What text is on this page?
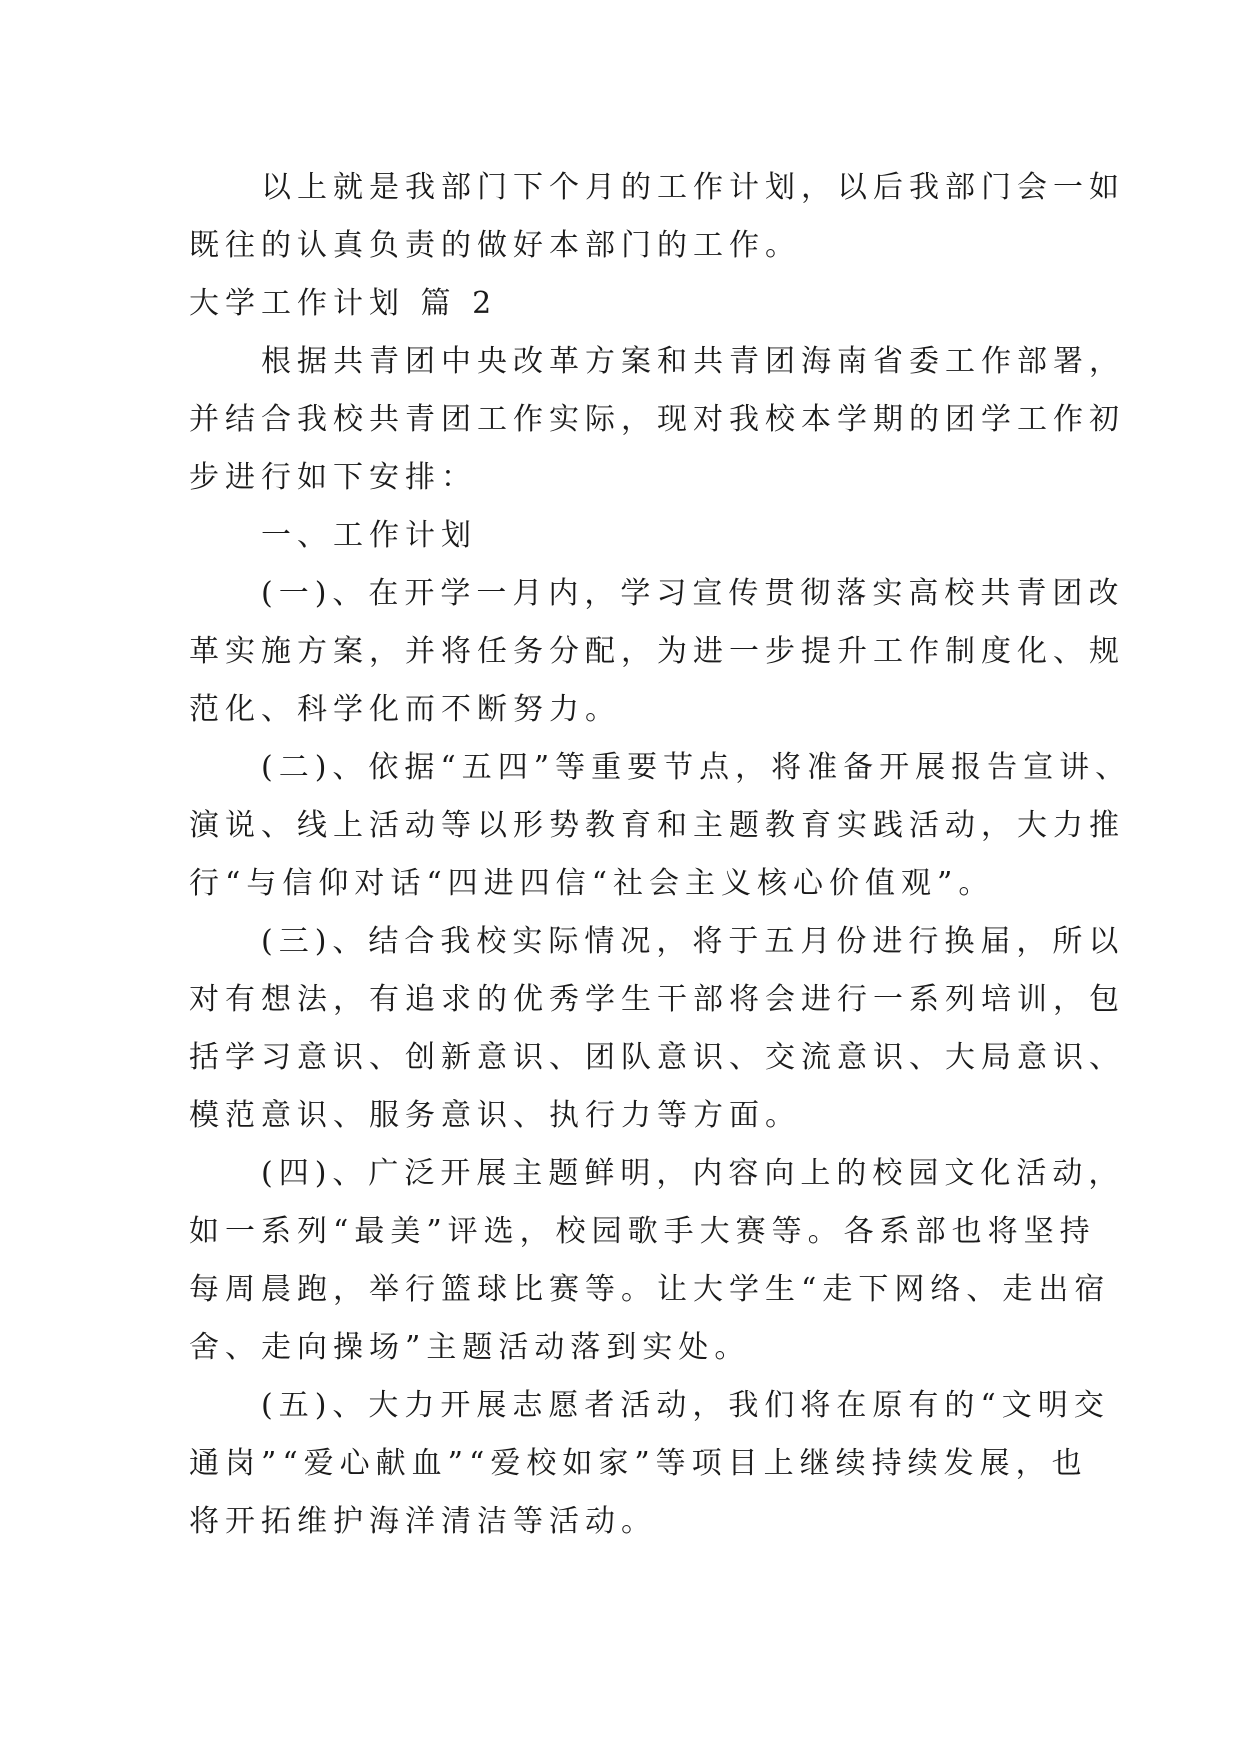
以上就是我部门下个月的工作计划，以后我部门会一如
既往的认真负责的做好本部门的工作。
大学工作计划 篇 2
根据共青团中央改革方案和共青团海南省委工作部署，
并结合我校共青团工作实际，现对我校本学期的团学工作初
步进行如下安排：
一、工作计划
(一)、在开学一月内，学习宣传贯彻落实高校共青团改
革实施方案，并将任务分配，为进一步提升工作制度化、规
范化、科学化而不断努力。
(二)、依据“五四”等重要节点，将准备开展报告宣讲、
演说、线上活动等以形势教育和主题教育实践活动，大力推
行“与信仰对话“四进四信“社会主义核心价值观”。
(三)、结合我校实际情况，将于五月份进行换届，所以
对有想法，有追求的优秀学生干部将会进行一系列培训，包
括学习意识、创新意识、团队意识、交流意识、大局意识、
模范意识、服务意识、执行力等方面。
(四)、广泛开展主题鲜明，内容向上的校园文化活动，
如一系列“最美”评选，校园歌手大赛等。各系部也将坚持
每周晨跑，举行篮球比赛等。让大学生“走下网络、走出宿
舍、走向操场”主题活动落到实处。
(五)、大力开展志愿者活动，我们将在原有的“文明交
通岗”“爱心献血”“爱校如家”等项目上继续持续发展，也
将开拓维护海洋清洁等活动。
